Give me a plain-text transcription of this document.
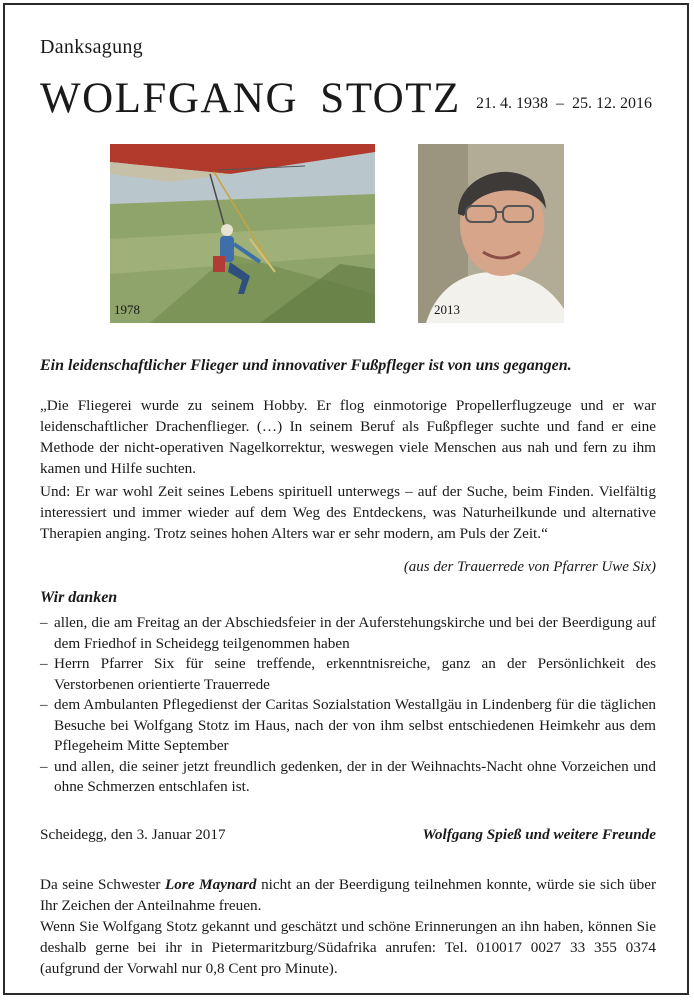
Danksagung
WOLFGANG STOTZ 21. 4. 1938  –  25. 12. 2016
1978	2013
Ein leidenschaftlicher Flieger und innovativer Fußpfleger ist von uns gegangen.
„Die Fliegerei wurde zu seinem Hobby. Er flog einmotorige Propellerflugzeuge und er war leidenschaftlicher Drachenflieger. (…) In seinem Beruf als Fußpfleger suchte und fand er eine Methode der nicht-operativen Nagelkorrektur, weswegen viele Menschen aus nah und fern zu ihm kamen und Hilfe suchten.
Und: Er war wohl Zeit seines Lebens spirituell unterwegs – auf der Suche, beim Finden. Vielfältig interessiert und immer wieder auf dem Weg des Entdeckens, was Naturheilkunde und alternative Therapien anging. Trotz seines hohen Alters war er sehr modern, am Puls der Zeit.“
(aus der Trauerrede von Pfarrer Uwe Six)
Wir danken
– allen, die am Freitag an der Abschiedsfeier in der Auferstehungskirche und bei der Beerdigung auf dem Friedhof in Scheidegg teilgenommen haben
– Herrn Pfarrer Six für seine treffende, erkenntnisreiche, ganz an der Persönlichkeit des Verstorbenen orientierte Trauerrede
– dem Ambulanten Pflegedienst der Caritas Sozialstation Westallgäu in Lindenberg für die täglichen Besuche bei Wolfgang Stotz im Haus, nach der von ihm selbst entschiedenen Heimkehr aus dem Pflegeheim Mitte September
– und allen, die seiner jetzt freundlich gedenken, der in der Weihnachts-Nacht ohne Vorzeichen und ohne Schmerzen entschlafen ist.
Scheidegg, den 3. Januar 2017	Wolfgang Spieß und weitere Freunde
Da seine Schwester Lore Maynard nicht an der Beerdigung teilnehmen konnte, würde sie sich über Ihr Zeichen der Anteilnahme freuen.
Wenn Sie Wolfgang Stotz gekannt und geschätzt und schöne Erinnerungen an ihn haben, können Sie deshalb gerne bei ihr in Pietermaritzburg/Südafrika anrufen: Tel. 010017 0027 33 355 0374 (aufgrund der Vorwahl nur 0,8 Cent pro Minute).
